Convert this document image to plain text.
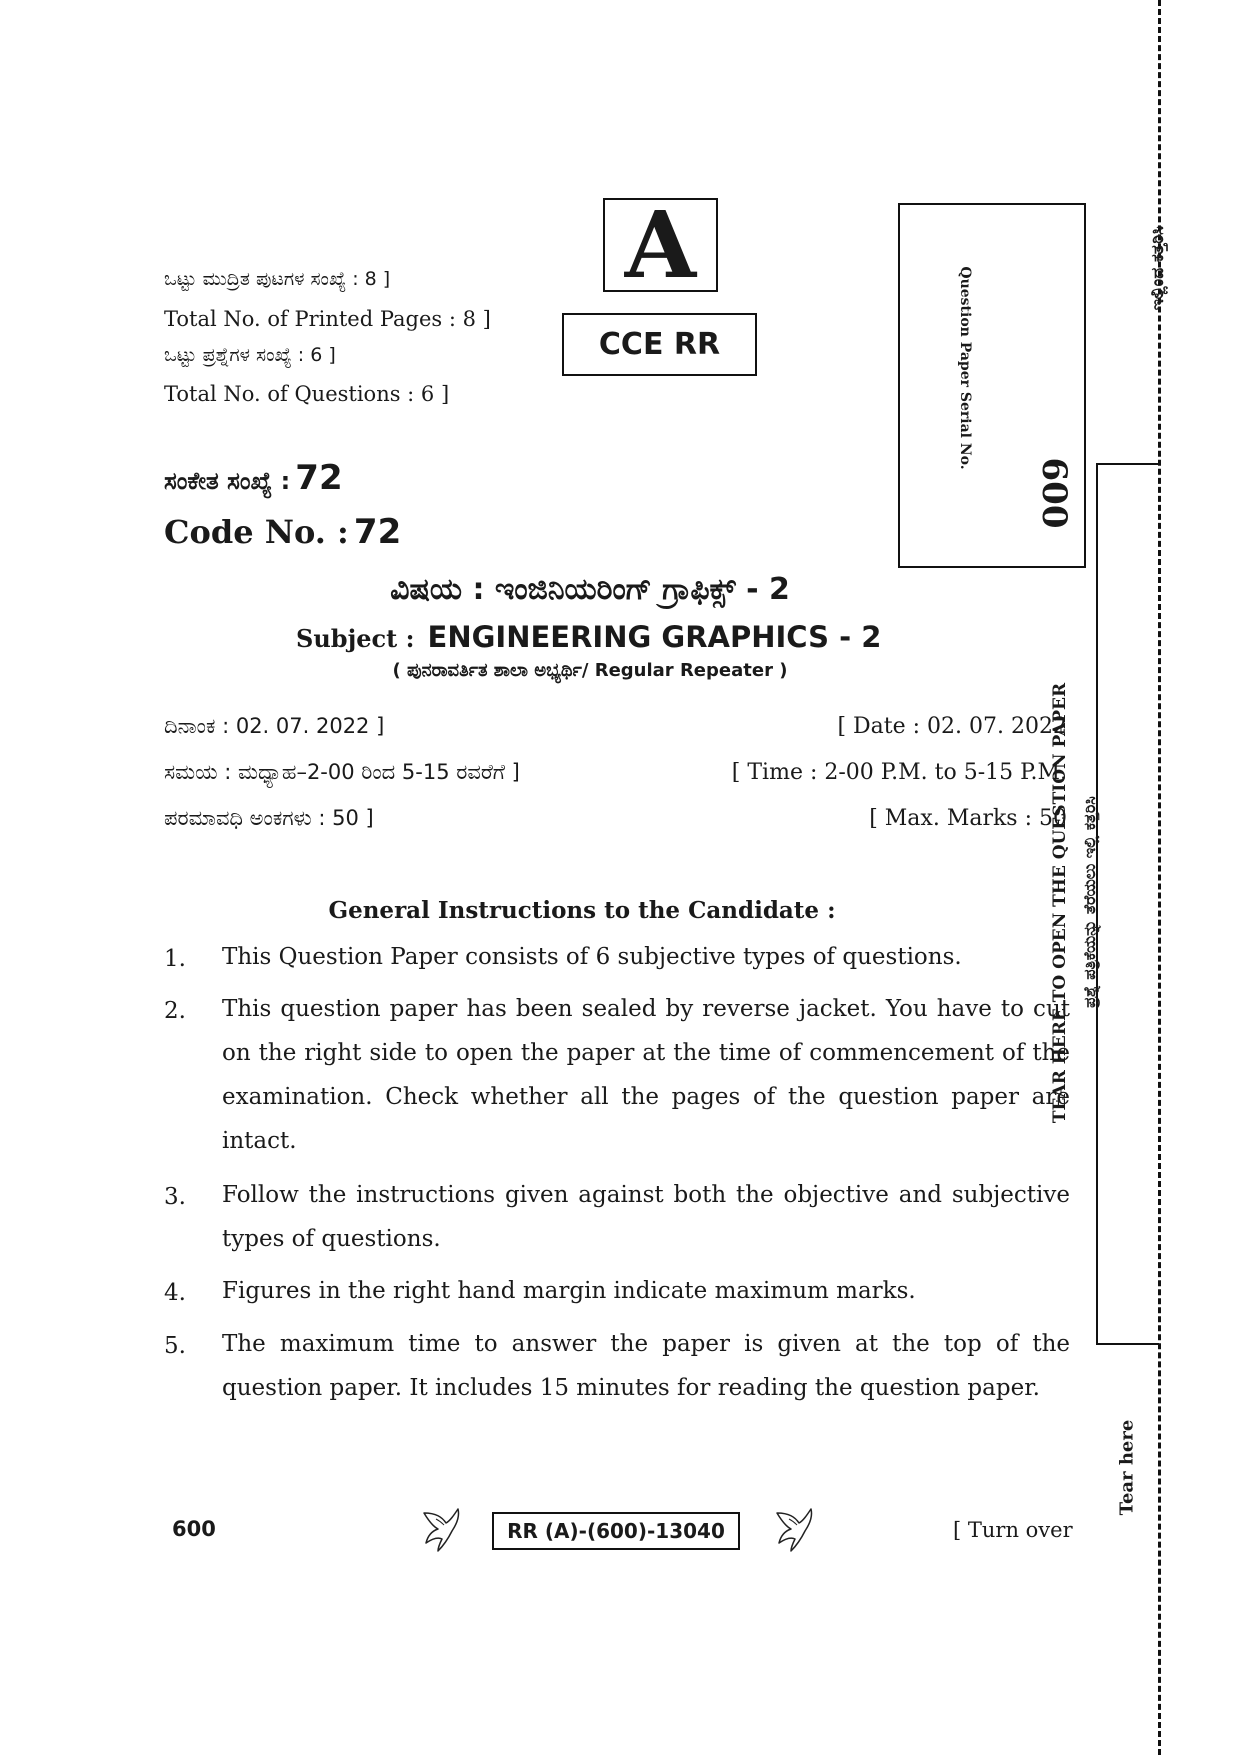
ಒಟ್ಟು ಮುದ್ರಿತ ಪುಟಗಳ ಸಂಖ್ಯೆ : 8 ]
Total No. of Printed Pages : 8 ]
ಒಟ್ಟು ಪ್ರಶ್ನೆಗಳ ಸಂಖ್ಯೆ : 6 ]
Total No. of Questions : 6 ]
A
CCE RR
ಸಂಕೇತ ಸಂಖ್ಯೆ : 72
Code No. : 72
Question Paper Serial No.
600
ವಿಷಯ : ಇಂಜಿನಿಯರಿಂಗ್ ಗ್ರಾಫಿಕ್ಸ್ - 2
Subject : ENGINEERING GRAPHICS - 2
( ಪುನರಾವರ್ತಿತ ಶಾಲಾ ಅಭ್ಯರ್ಥಿ/ Regular Repeater )
ದಿನಾಂಕ : 02. 07. 2022 ]	[ Date : 02. 07. 2022
ಸಮಯ : ಮಧ್ಯಾಹ–2-00 ರಿಂದ 5-15 ರವರೆಗೆ ]	[ Time : 2-00 P.M. to 5-15 P.M.
ಪರಮಾವಧಿ ಅಂಕಗಳು : 50 ]	[ Max. Marks : 50
General Instructions to the Candidate :
1. This Question Paper consists of 6 subjective types of questions.
2. This question paper has been sealed by reverse jacket. You have to cut on the right side to open the paper at the time of commencement of the examination. Check whether all the pages of the question paper are intact.
3. Follow the instructions given against both the objective and subjective types of questions.
4. Figures in the right hand margin indicate maximum marks.
5. The maximum time to answer the paper is given at the top of the question paper. It includes 15 minutes for reading the question paper.
ಇಲ್ಲಿಂದ ಕತ್ತರಿಸಿ
TEAR HERE TO OPEN THE QUESTION PAPER ಪ್ರಶ್ನೆ ಪತ್ರಿಕೆಯನ್ನು ತೆರೆಯಲು ಇಲ್ಲಿ ಕತ್ತರಿಸಿ
Tear here
600	RR (A)-(600)-13040	[ Turn over
